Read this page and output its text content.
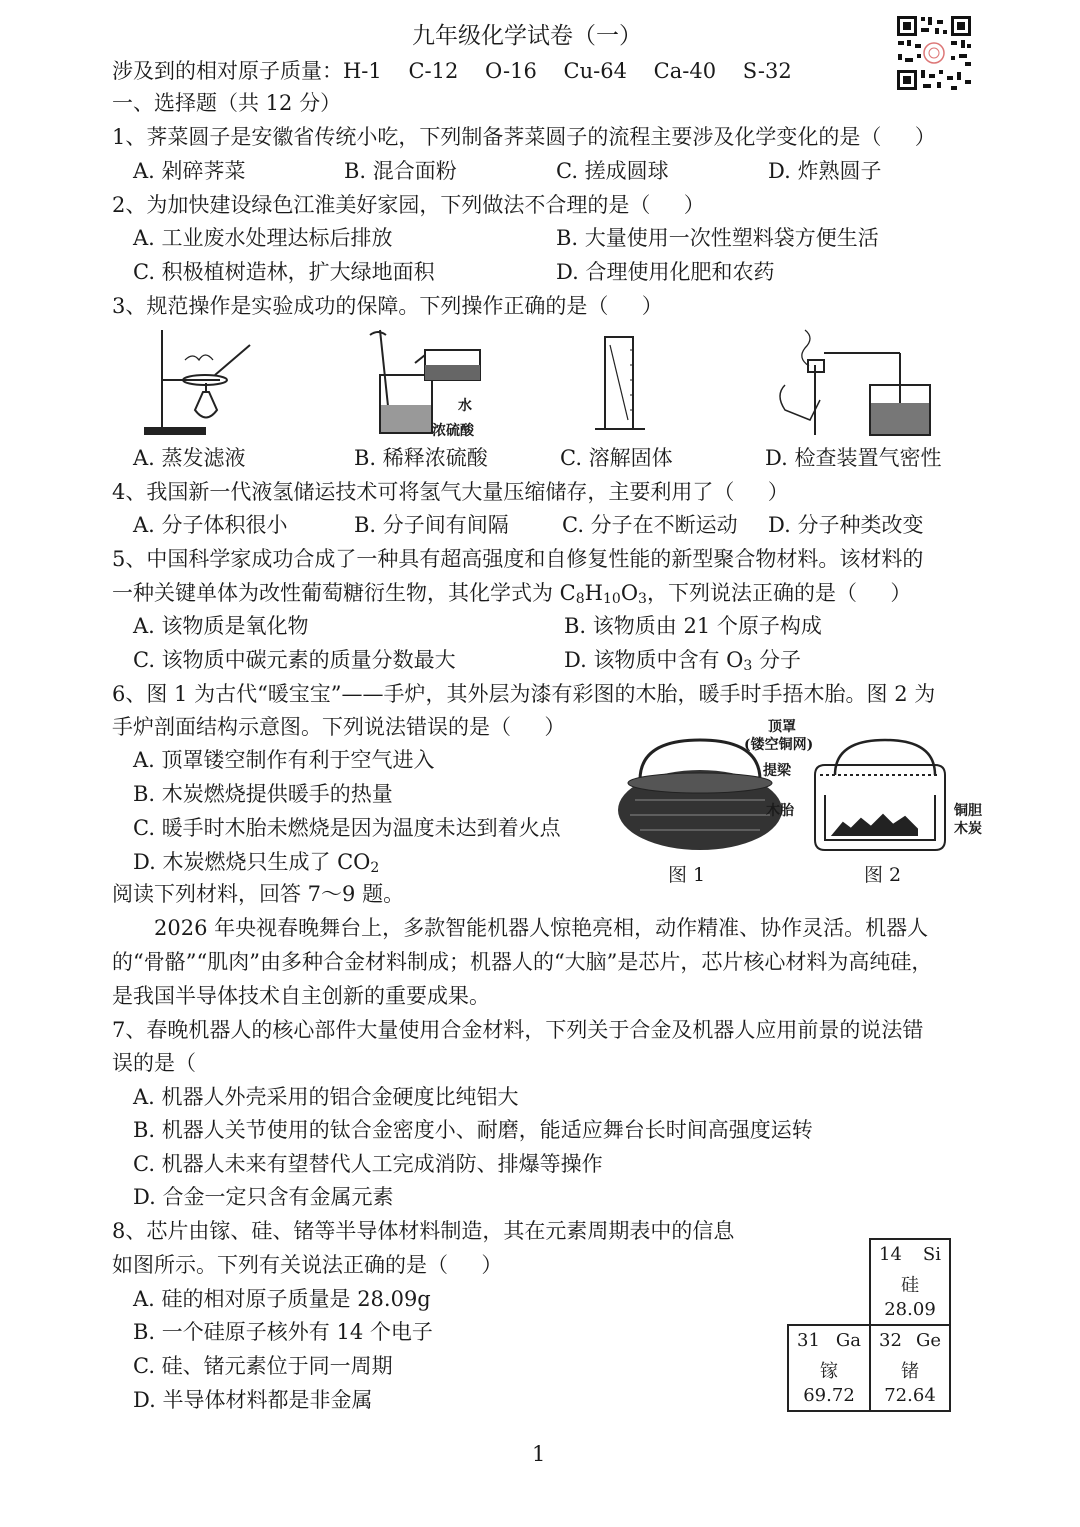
九年级化学试卷（一）
涉及到的相对原子质量：H-1    C-12    O-16    Cu-64    Ca-40    S-32
一、选择题（共 12 分）
1、荠菜圆子是安徽省传统小吃，下列制备荠菜圆子的流程主要涉及化学变化的是（     ）
A. 剁碎荠菜	B. 混合面粉	C. 搓成圆球	D. 炸熟圆子
2、为加快建设绿色江淮美好家园，下列做法不合理的是（     ）
A. 工业废水处理达标后排放	B. 大量使用一次性塑料袋方便生活
C. 积极植树造林，扩大绿地面积	D. 合理使用化肥和农药
3、规范操作是实验成功的保障。下列操作正确的是（     ）
水
浓硫酸
A. 蒸发滤液	B. 稀释浓硫酸	C. 溶解固体	D. 检查装置气密性
4、我国新一代液氢储运技术可将氢气大量压缩储存，主要利用了（     ）
A. 分子体积很小	B. 分子间有间隔	C. 分子在不断运动 D. 分子种类改变
5、中国科学家成功合成了一种具有超高强度和自修复性能的新型聚合物材料。该材料的
一种关键单体为改性葡萄糖衍生物，其化学式为 $C_8H_{10}O_3$，下列说法正确的是（     ）
A. 该物质是氧化物	B. 该物质由 21 个原子构成
C. 该物质中碳元素的质量分数最大	D. 该物质中含有 $O_3$ 分子
6、图 1 为古代“暖宝宝”——手炉，其外层为漆有彩图的木胎，暖手时手捂木胎。图 2 为
手炉剖面结构示意图。下列说法错误的是（     ）
A. 顶罩镂空制作有利于空气进入
B. 木炭燃烧提供暖手的热量
C. 暖手时木胎未燃烧是因为温度未达到着火点
D. 木炭燃烧只生成了 $CO_2$
顶罩
(镂空铜网)
提梁
木胎	铜胆
木炭
图 1	图 2
阅读下列材料，回答 7～9 题。
2026 年央视春晚舞台上，多款智能机器人惊艳亮相，动作精准、协作灵活。机器人
的“骨骼”“肌肉”由多种合金材料制成；机器人的“大脑”是芯片，芯片核心材料为高纯硅，
是我国半导体技术自主创新的重要成果。
7、春晚机器人的核心部件大量使用合金材料，下列关于合金及机器人应用前景的说法错
误的是（
A. 机器人外壳采用的铝合金硬度比纯铝大
B. 机器人关节使用的钛合金密度小、耐磨，能适应舞台长时间高强度运转
C. 机器人未来有望替代人工完成消防、排爆等操作
D. 合金一定只含有金属元素
8、芯片由镓、硅、锗等半导体材料制造，其在元素周期表中的信息
如图所示。下列有关说法正确的是（     ）
A. 硅的相对原子质量是 28.09g
B. 一个硅原子核外有 14 个电子
C. 硅、锗元素位于同一周期
D. 半导体材料都是非金属
14 Si
硅
28.09
31 Ga
镓
69.72
32 Ge
锗
72.64
1
